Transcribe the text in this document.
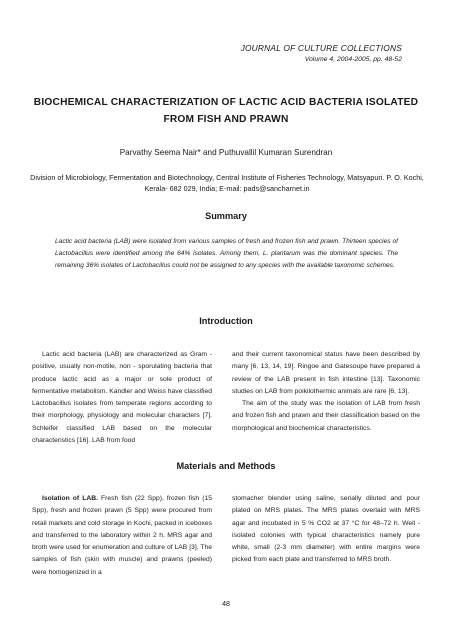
JOURNAL OF CULTURE COLLECTIONS
Volume 4, 2004-2005, pp. 48-52
BIOCHEMICAL CHARACTERIZATION OF LACTIC ACID BACTERIA ISOLATED FROM FISH AND PRAWN
Parvathy Seema Nair* and Puthuvallil Kumaran Surendran
Division of Microbiology, Fermentation and Biotechnology, Central Institute of Fisheries Technology, Matsyapuri. P. O. Kochi, Kerala- 682 029, India; E-mail: pads@sancharnet.in
Summary
Lactic acid bacteria (LAB) were isolated from various samples of fresh and frozen fish and prawn. Thirteen species of Lactobacillus were identified among the 64% isolates. Among them, L. plantarum was the dominant species. The remaining 36% isolates of Lactobacillus could not be assigned to any species with the available taxonomic schemes.
Introduction

Lactic acid bacteria (LAB) are characterized as Gram - positive, usually non-motile, non - sporulating bacteria that produce lactic acid as a major or sole product of fermentative metabolism. Kandler and Weiss have classified Lactobacillus isolates from temperate regions according to their morphology, physiology and molecular characters [7]. Schleifer classified LAB based on the molecular characteristics [16]. LAB from food

and their current taxonomical status have been described by many [6, 13, 14, 19]. Ringoe and Gatesoupe have prepared a review of the LAB present in fish intestine [13]. Taxonomic studies on LAB from poikilothermic animals are rare [6, 13].

The aim of the study was the isolation of LAB from fresh and frozen fish and prawn and their classification based on the morphological and biochemical characteristics.

Materials and Methods

Isolation of LAB. Fresh fish (22 Spp), frozen fish (15 Spp), fresh and frozen prawn (5 Spp) were procured from retail markets and cold storage in Kochi, packed in iceboxes and transferred to the laboratory within 2 h. MRS agar and broth were used for enumeration and culture of LAB [3]. The samples of fish (skin with muscle) and prawns (peeled) were homogenized in a

stomacher blender using saline, serially diluted and pour plated on MRS plates. The MRS plates overlaid with MRS agar and incubated in 5 % CO2 at 37 °C for 48–72 h. Well - isolated colonies with typical characteristics namely pure white, small (2-3 mm diameter) with entire margins were picked from each plate and transferred to MRS broth.

48
